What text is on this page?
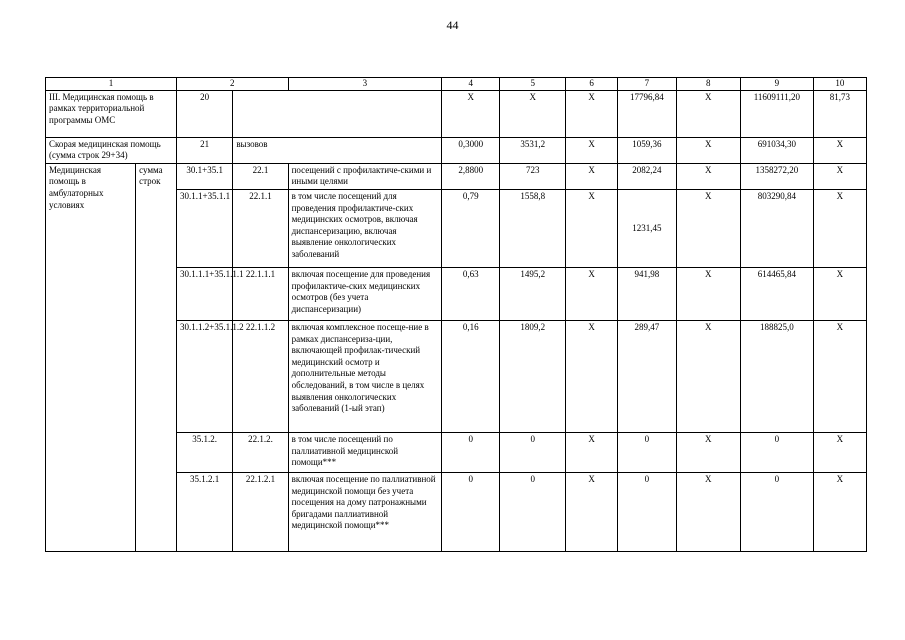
44
1		2		3	4	5	6	7	8	9	10
III. Медицинская помощь в рамках территориальной программы ОМС		20			X	X	X	17796,84	X	11609111,20	81,73
Скорая медицинская помощь (сумма строк 29+34)		21	вызовов		0,3000	3531,2	X	1059,36	X	691034,30	X
Медицинская помощь в амбулаторных условиях	сумма строк	30.1+35.1	22.1	посещений с профилактиче-скими и иными целями	2,8800	723	X	2082,24	X	1358272,20	X
		30.1.1+35.1.1	22.1.1	в том числе посещений для проведения профилактиче-ских медицинских осмотров, включая диспансеризацию, включая выявление онкологических заболеваний	0,79	1558,8	X	1231,45	X	803290,84	X
		30.1.1.1+35.1.1.1	22.1.1.1	включая посещение для проведения профилактиче-ских медицинских осмотров (без учета диспансеризации)	0,63	1495,2	X	941,98	X	614465,84	X
		30.1.1.2+35.1.1.2	22.1.1.2	включая комплексное посеще-ние в рамках диспансериза-ции, включающей профилак-тический медицинский осмотр и дополнительные методы обследований, в том числе в целях выявления онкологических заболеваний (1-ый этап)	0,16	1809,2	X	289,47	X	188825,0	X
		35.1.2.	22.1.2.	в том числе посещений по паллиативной медицинской помощи***	0	0	X	0	X	0	X
		35.1.2.1	22.1.2.1	включая посещение по паллиативной медицинской помощи без учета посещения на дому патронажными бригадами паллиативной медицинской помощи***	0	0	X	0	X	0	X
